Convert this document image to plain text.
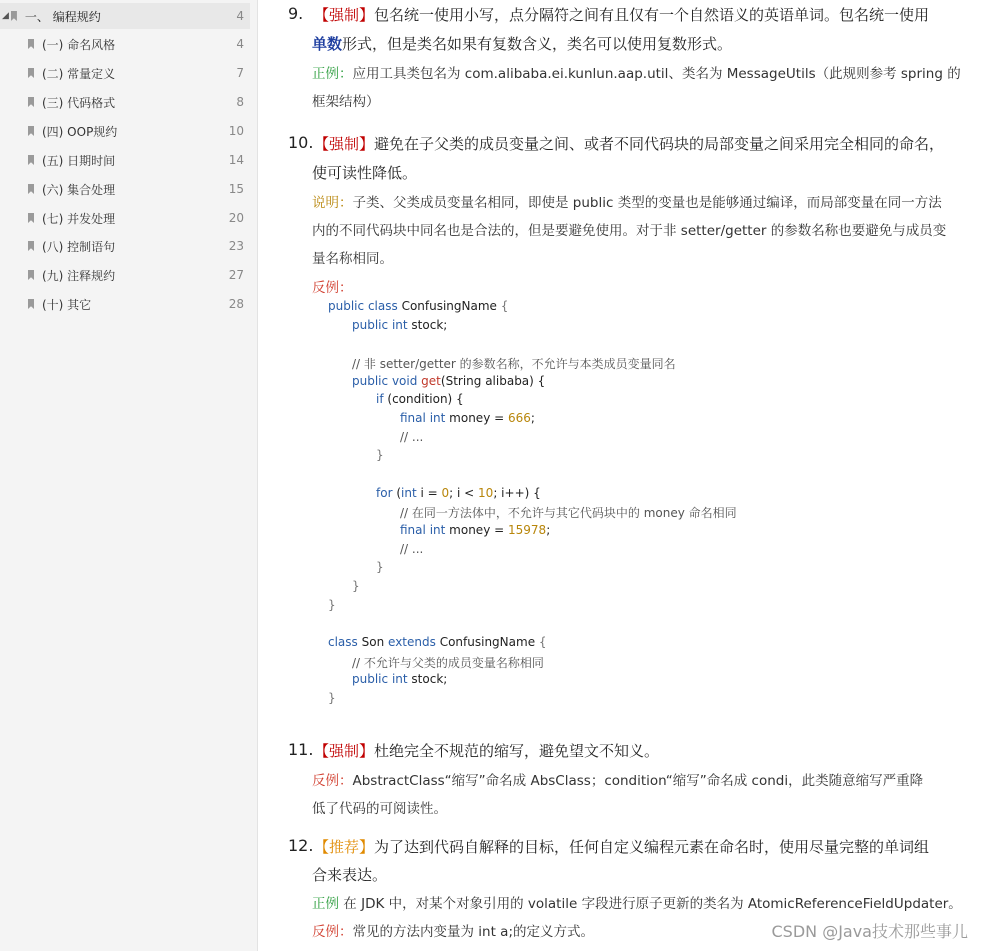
◢ 一、 编程规约	4
(一) 命名风格	4
(二) 常量定义	7
(三) 代码格式	8
(四) OOP规约	10
(五) 日期时间	14
(六) 集合处理	15
(七) 并发处理	20
(八) 控制语句	23
(九) 注释规约	27
(十) 其它	28
9. 【强制】包名统一使用小写，点分隔符之间有且仅有一个自然语义的英语单词。包名统一使用
单数形式，但是类名如果有复数含义，类名可以使用复数形式。
正例：应用工具类包名为 com.alibaba.ei.kunlun.aap.util、类名为 MessageUtils（此规则参考 spring 的
框架结构）
10. 【强制】避免在子父类的成员变量之间、或者不同代码块的局部变量之间采用完全相同的命名，
使可读性降低。
说明：子类、父类成员变量名相同，即使是 public 类型的变量也是能够通过编译，而局部变量在同一方法
内的不同代码块中同名也是合法的，但是要避免使用。对于非 setter/getter 的参数名称也要避免与成员变
量名称相同。
反例：
public class ConfusingName {
public int stock;
// 非 setter/getter 的参数名称，不允许与本类成员变量同名
public void get(String alibaba) {
if (condition) {
final int money = 666;
// ...
}
for (int i = 0; i < 10; i++) {
// 在同一方法体中，不允许与其它代码块中的 money 命名相同
final int money = 15978;
// ...
}
}
}
class Son extends ConfusingName {
// 不允许与父类的成员变量名称相同
public int stock;
}
11. 【强制】杜绝完全不规范的缩写，避免望文不知义。
反例：AbstractClass“缩写”命名成 AbsClass；condition“缩写”命名成 condi，此类随意缩写严重降
低了代码的可阅读性。
12. 【推荐】为了达到代码自解释的目标，任何自定义编程元素在命名时，使用尽量完整的单词组
合来表达。
正例 在 JDK 中，对某个对象引用的 volatile 字段进行原子更新的类名为 AtomicReferenceFieldUpdater。
反例：常见的方法内变量为 int a;的定义方式。	CSDN @Java技术那些事儿
